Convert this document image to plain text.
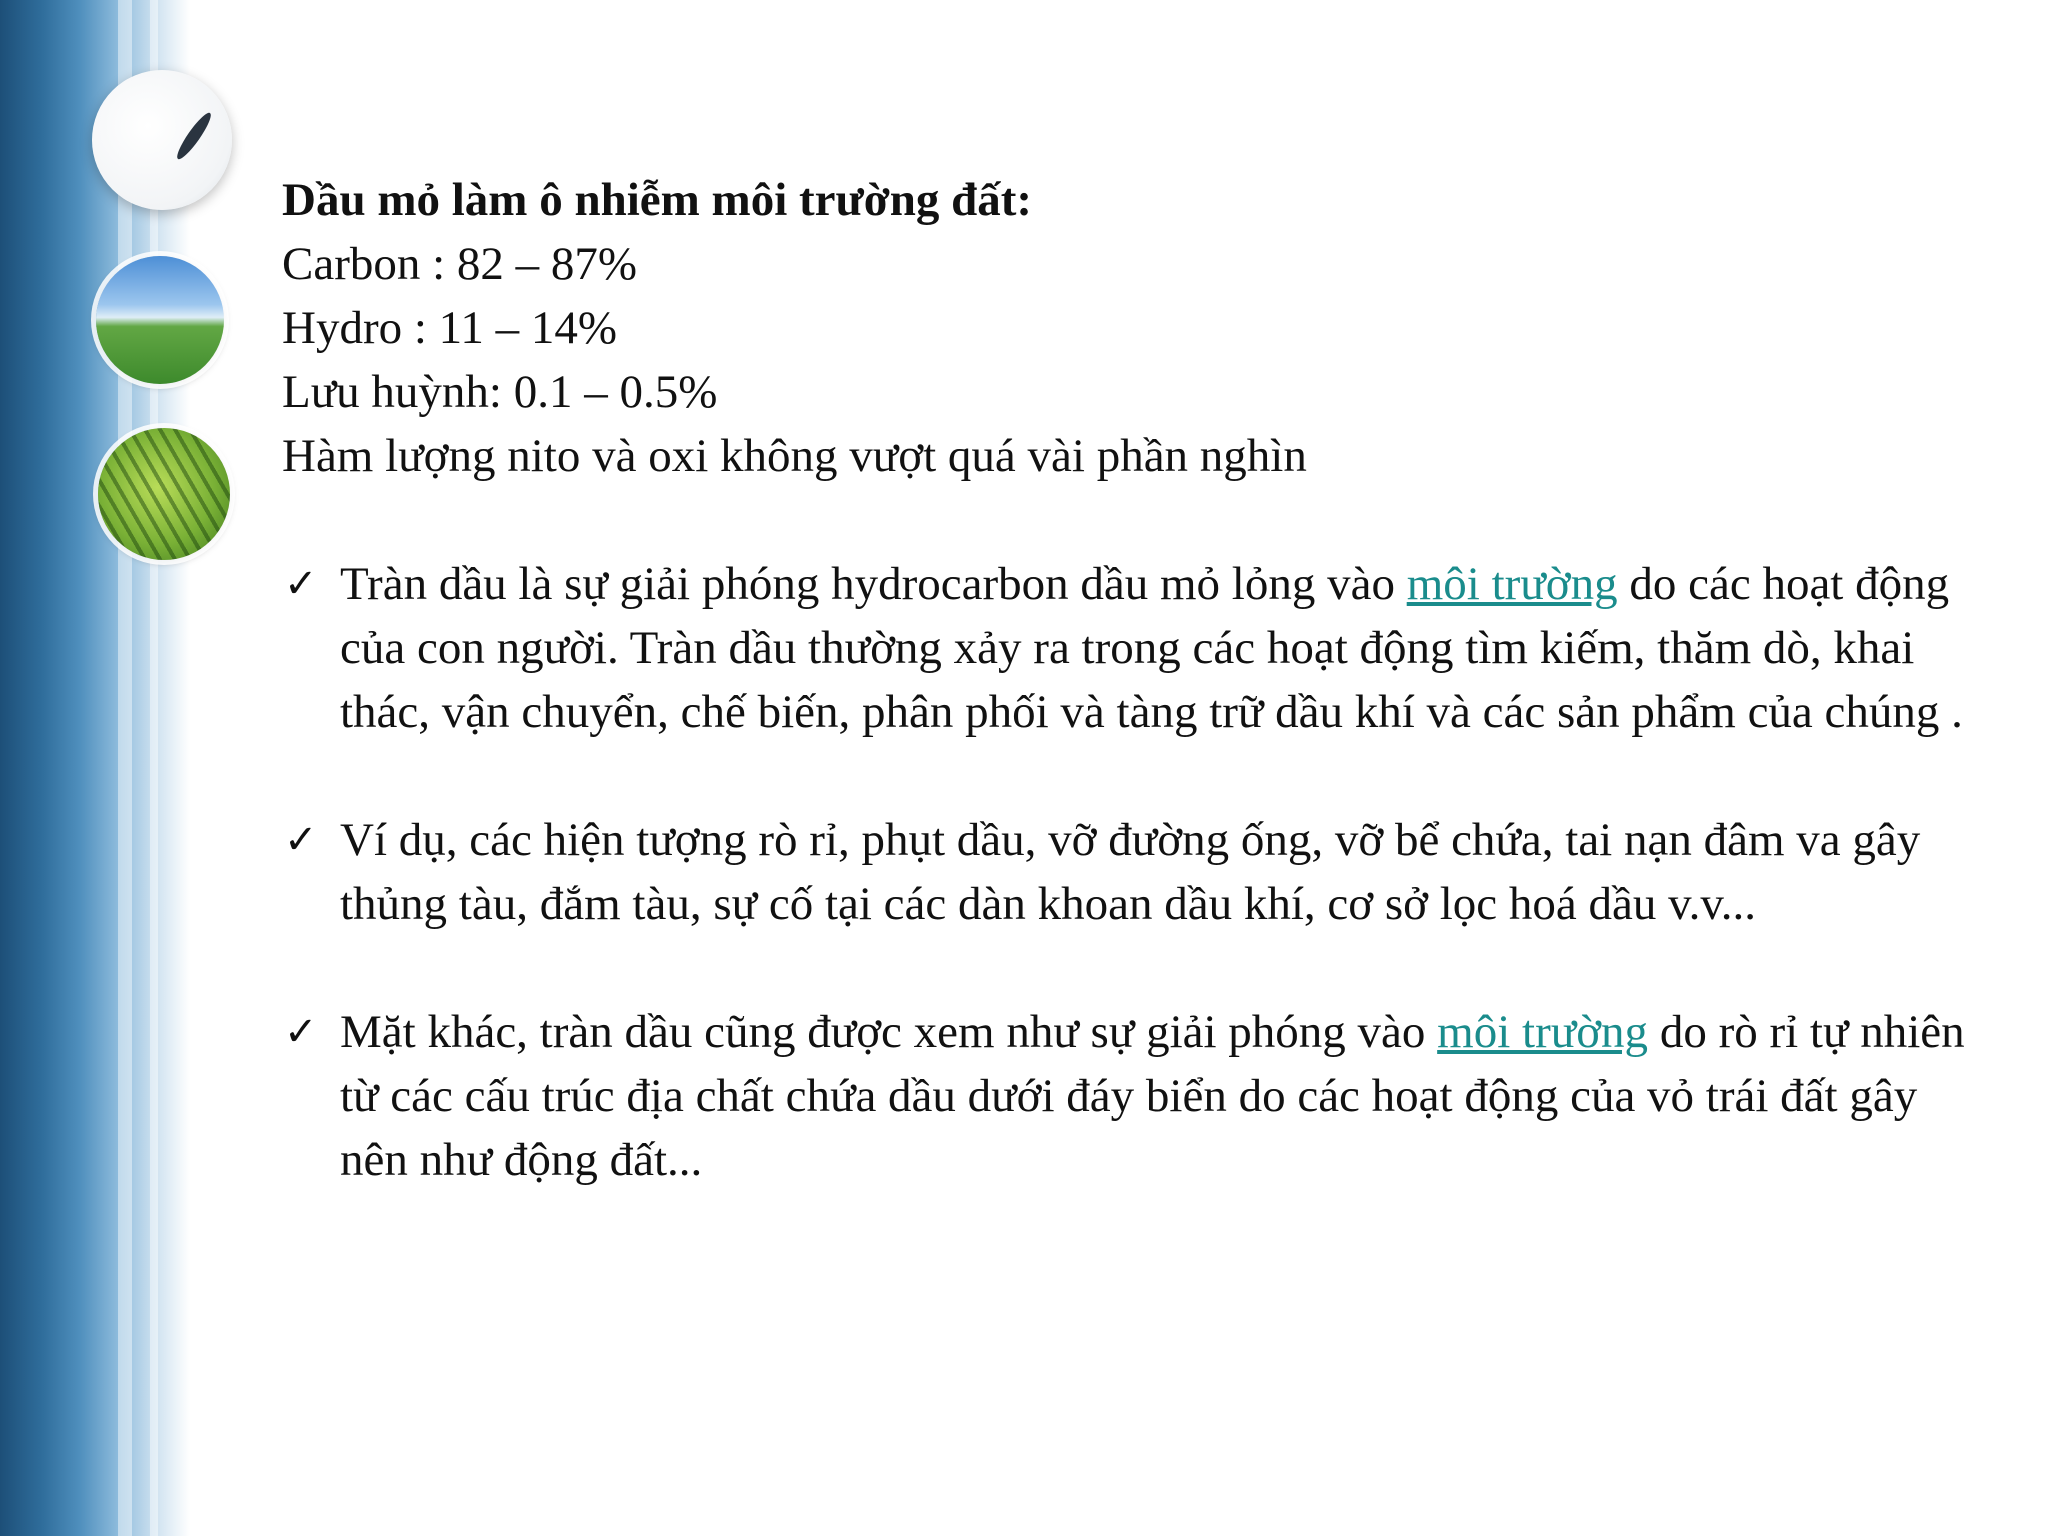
Dầu mỏ làm ô nhiễm môi trường đất:

Carbon : 82 – 87%

Hydro : 11 – 14%

Lưu huỳnh: 0.1 – 0.5%

Hàm lượng nito và oxi không vượt quá vài phần nghìn

✓ Tràn dầu là sự giải phóng hydrocarbon dầu mỏ lỏng vào môi trường do các hoạt động của con người. Tràn dầu thường xảy ra trong các hoạt động tìm kiếm, thăm dò, khai thác, vận chuyển, chế biến, phân phối và tàng trữ dầu khí và các sản phẩm của chúng .
✓ Ví dụ, các hiện tượng rò rỉ, phụt dầu, vỡ đường ống, vỡ bể chứa, tai nạn đâm va gây thủng tàu, đắm tàu, sự cố tại các dàn khoan dầu khí, cơ sở lọc hoá dầu v.v...
✓ Mặt khác, tràn dầu cũng được xem như sự giải phóng vào môi trường do rò rỉ tự nhiên từ các cấu trúc địa chất chứa dầu dưới đáy biển do các hoạt động của vỏ trái đất gây nên như động đất...
